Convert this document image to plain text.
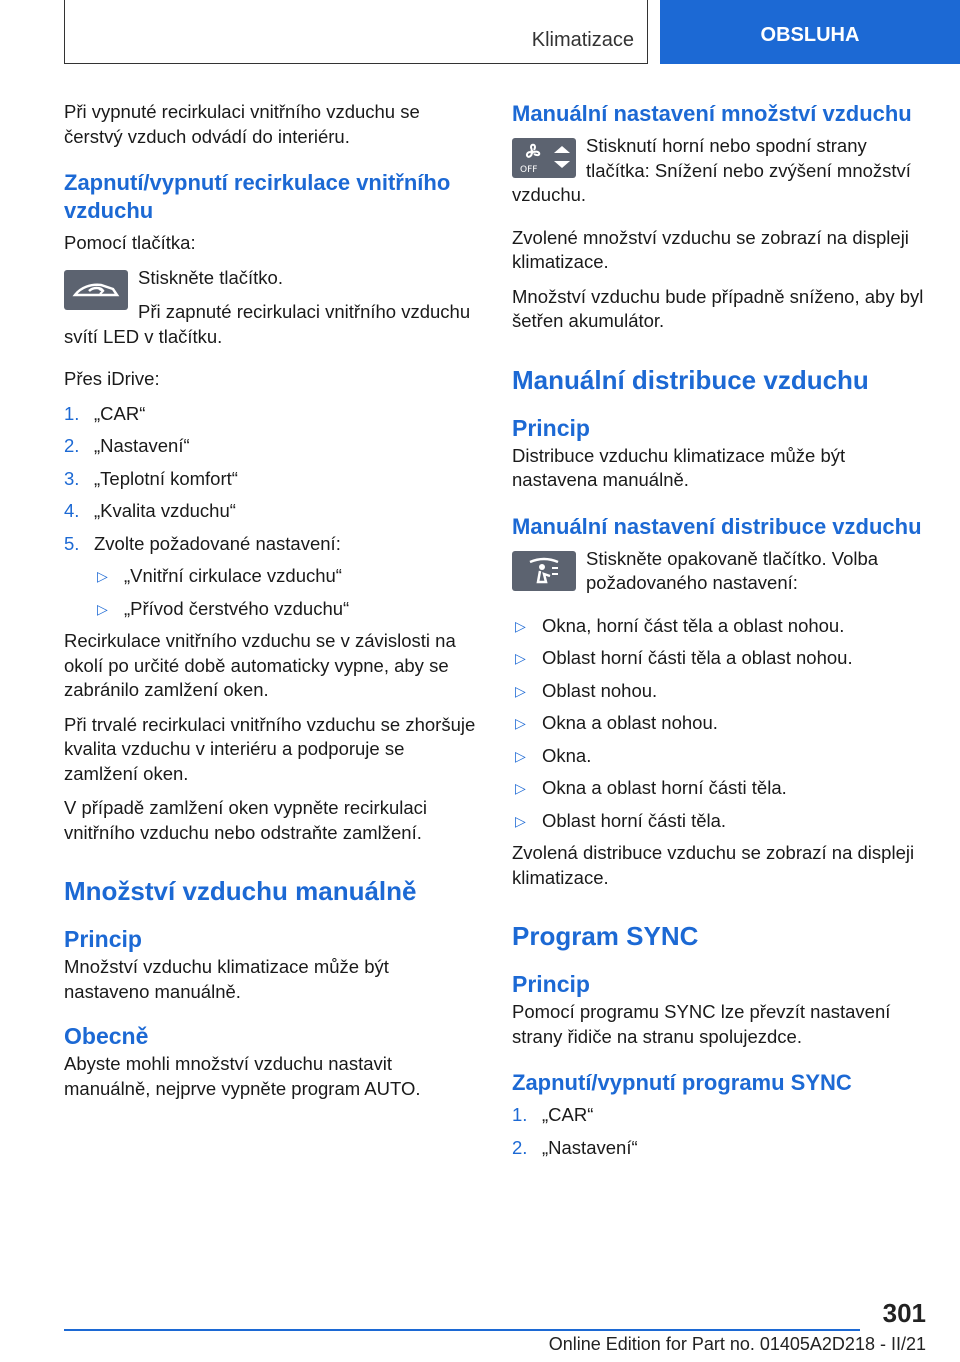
Klimatizace	OBSLUHA

Při vypnuté recirkulaci vnitřního vzduchu se čerstvý vzduch odvádí do interiéru.

Zapnutí/vypnutí recirkulace vnitřního vzduchu

Pomocí tlačítka:

Stiskněte tlačítko.

Při zapnuté recirkulaci vnitřního vzduchu svítí LED v tlačítku.

Přes iDrive:

1. „CAR“
2. „Nastavení“
3. „Teplotní komfort“
4. „Kvalita vzduchu“
5. Zvolte požadované nastavení:
▷ „Vnitřní cirkulace vzduchu“
▷ „Přívod čerstvého vzduchu“

Recirkulace vnitřního vzduchu se v závislosti na okolí po určité době automaticky vypne, aby se zabránilo zamlžení oken.

Při trvalé recirkulaci vnitřního vzduchu se zhoršuje kvalita vzduchu v interiéru a podporuje se zamlžení oken.

V případě zamlžení oken vypněte recirkulaci vnitřního vzduchu nebo odstraňte zamlžení.

Množství vzduchu manuálně
Princip

Množství vzduchu klimatizace může být nastaveno manuálně.

Obecně

Abyste mohli množství vzduchu nastavit manuálně, nejprve vypněte program AUTO.

Manuální nastavení množství vzduchu
OFF

Stisknutí horní nebo spodní strany tlačítka: Snížení nebo zvýšení množství vzduchu.

Zvolené množství vzduchu se zobrazí na displeji klimatizace.

Množství vzduchu bude případně sníženo, aby byl šetřen akumulátor.

Manuální distribuce vzduchu
Princip

Distribuce vzduchu klimatizace může být nastavena manuálně.

Manuální nastavení distribuce vzduchu

Stiskněte opakovaně tlačítko. Volba požadovaného nastavení:

▷ Okna, horní část těla a oblast nohou.
▷ Oblast horní části těla a oblast nohou.
▷ Oblast nohou.
▷ Okna a oblast nohou.
▷ Okna.
▷ Okna a oblast horní části těla.
▷ Oblast horní části těla.

Zvolená distribuce vzduchu se zobrazí na displeji klimatizace.

Program SYNC
Princip

Pomocí programu SYNC lze převzít nastavení strany řidiče na stranu spolujezdce.

Zapnutí/vypnutí programu SYNC
1. „CAR“
2. „Nastavení“
301
Online Edition for Part no. 01405A2D218 - II/21
